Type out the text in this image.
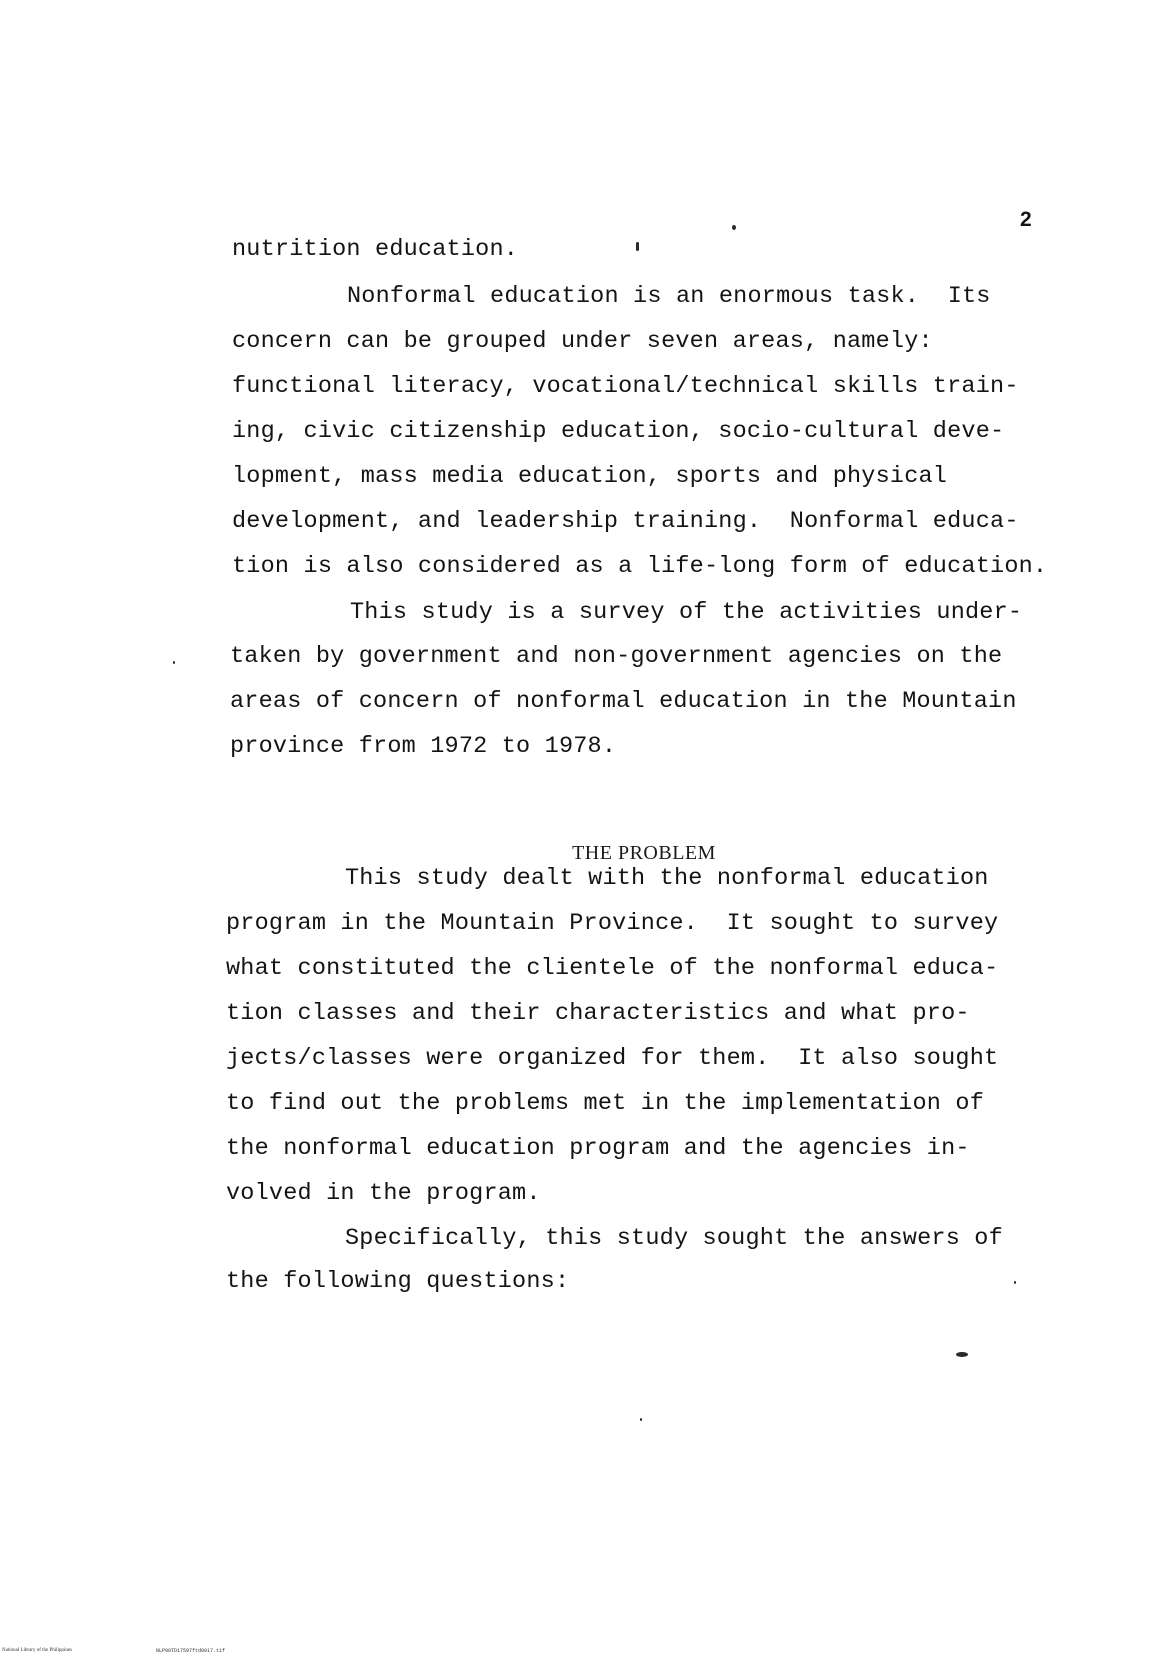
2

nutrition education.

Nonformal education is an enormous task.  Its

concern can be grouped under seven areas, namely:

functional literacy, vocational/technical skills train-

ing, civic citizenship education, socio-cultural deve-

lopment, mass media education, sports and physical

development, and leadership training.  Nonformal educa-

tion is also considered as a life-long form of education.

This study is a survey of the activities under-

taken by government and non-government agencies on the

areas of concern of nonformal education in the Mountain

province from 1972 to 1978.

THE PROBLEM

This study dealt with the nonformal education

program in the Mountain Province.  It sought to survey

what constituted the clientele of the nonformal educa-

tion classes and their characteristics and what pro-

jects/classes were organized for them.  It also sought

to find out the problems met in the implementation of

the nonformal education program and the agencies in-

volved in the program.

Specifically, this study sought the answers of

the following questions:

National Library of the Philippines	NLP00TD17597ftd0017.tif
